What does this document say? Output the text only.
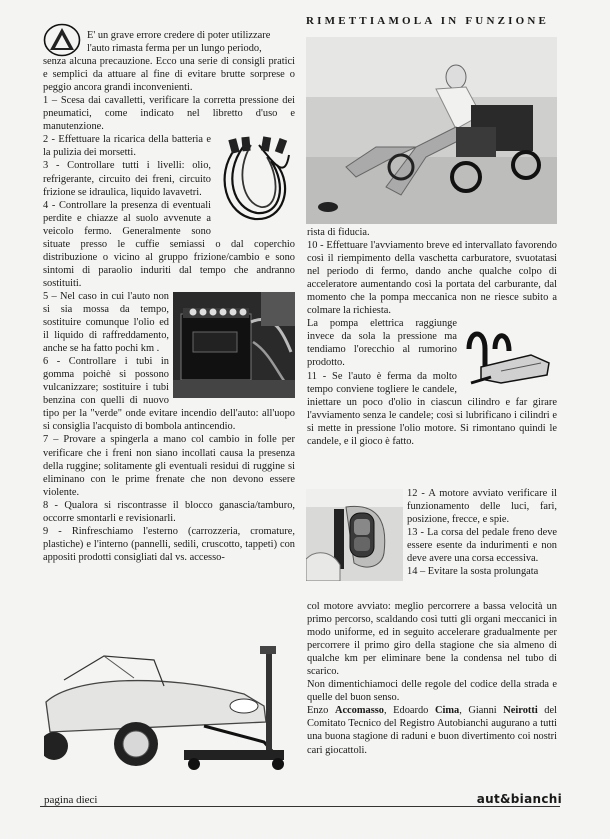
RIMETTIAMOLA IN FUNZIONE

E' un grave errore credere di poter utilizzare

l'auto rimasta ferma per un lungo periodo,

senza alcuna precauzione. Ecco una serie di consigli pratici e semplici da attuare al fine di evitare brutte sorprese o peggio ancora grandi inconvenienti.

1 – Scesa dai cavalletti, verificare la corretta pressione dei pneumatici, come indicato nel libretto d'uso e manutenzione.

2 - Effettuare la ricarica della batteria e la pulizia dei morsetti.

3 - Controllare tutti i livelli: olio, refrigerante, circuito dei freni, circuito frizione se idraulica, liquido lavavetri.

4 - Controllare la presenza di eventuali perdite e chiazze al suolo avvenute a veicolo fermo. Generalmente sono situate presso le cuffie semiassi o dal coperchio distribuzione o vicino al gruppo frizione/cambio e sono sintomi di paraolio induriti dal tempo che andranno sostituiti.

5 – Nel caso in cui l'auto non si sia mossa da tempo, sostituire comunque l'olio ed il liquido di raffreddamento, anche se ha fatto pochi km .

6 - Controllare i tubi in gomma poichè si possono vulcanizzare; sostituire i tubi benzina con quelli di nuovo tipo per la "verde" onde evitare incendio dell'auto: all'uopo si consiglia l'acquisto di bombola antincendio.

7 – Provare a spingerla a mano col cambio in folle per verificare che i freni non siano incollati causa la presenza della ruggine; solitamente gli eventuali residui di ruggine si eliminano con le prime frenate che non devono essere violente.

8 - Qualora si riscontrasse il blocco ganascia/tamburo, occorre smontarli e revisionarli.

9 - Rinfreschiamo l'esterno (carrozzeria, cromature, plastiche) e l'interno (pannelli, sedili, cruscotto, tappeti) con appositi prodotti consigliati dal vs. accesso-

rista di fiducia.

10 - Effettuare l'avviamento breve ed intervallato favorendo così il riempimento della vaschetta carburatore, svuotatasi nel periodo di fermo, dando anche qualche colpo di acceleratore aumentando così la portata del carburante, dal momento che la pompa meccanica non ne riesce subito a colmare la richiesta.

La pompa elettrica raggiunge invece da sola la pressione ma tendiamo l'orecchio al rumorino prodotto.

11 - Se l'auto è ferma da molto tempo conviene togliere le candele, iniettare un poco d'olio in ciascun cilindro e far girare l'avviamento senza le candele; così si lubrificano i cilindri e si mette in pressione l'olio motore. Si rimontano quindi le candele, e il gioco è fatto.

12 - A motore avviato verificare il funzionamento delle luci, fari, posizione, frecce, e spie.

13 - La corsa del pedale freno deve essere esente da indurimenti e non deve avere una corsa eccessiva.

14 – Evitare la sosta prolungata

col motore avviato: meglio percorrere a bassa velocità un primo percorso, scaldando così tutti gli organi meccanici in modo uniforme, ed in seguito accelerare gradualmente per percorrere il primo giro della stagione che sia almeno di qualche km per eliminare bene la condensa nel tubo di scarico.

Non dimentichiamoci delle regole del codice della strada e quelle del buon senso.

Enzo Accomasso, Edoardo Cima, Gianni Neirotti del Comitato Tecnico del Registro Autobianchi augurano a tutti una buona stagione di raduni e buon divertimento coi nostri cari giocattoli.

pagina dieci	aut&bianchi
